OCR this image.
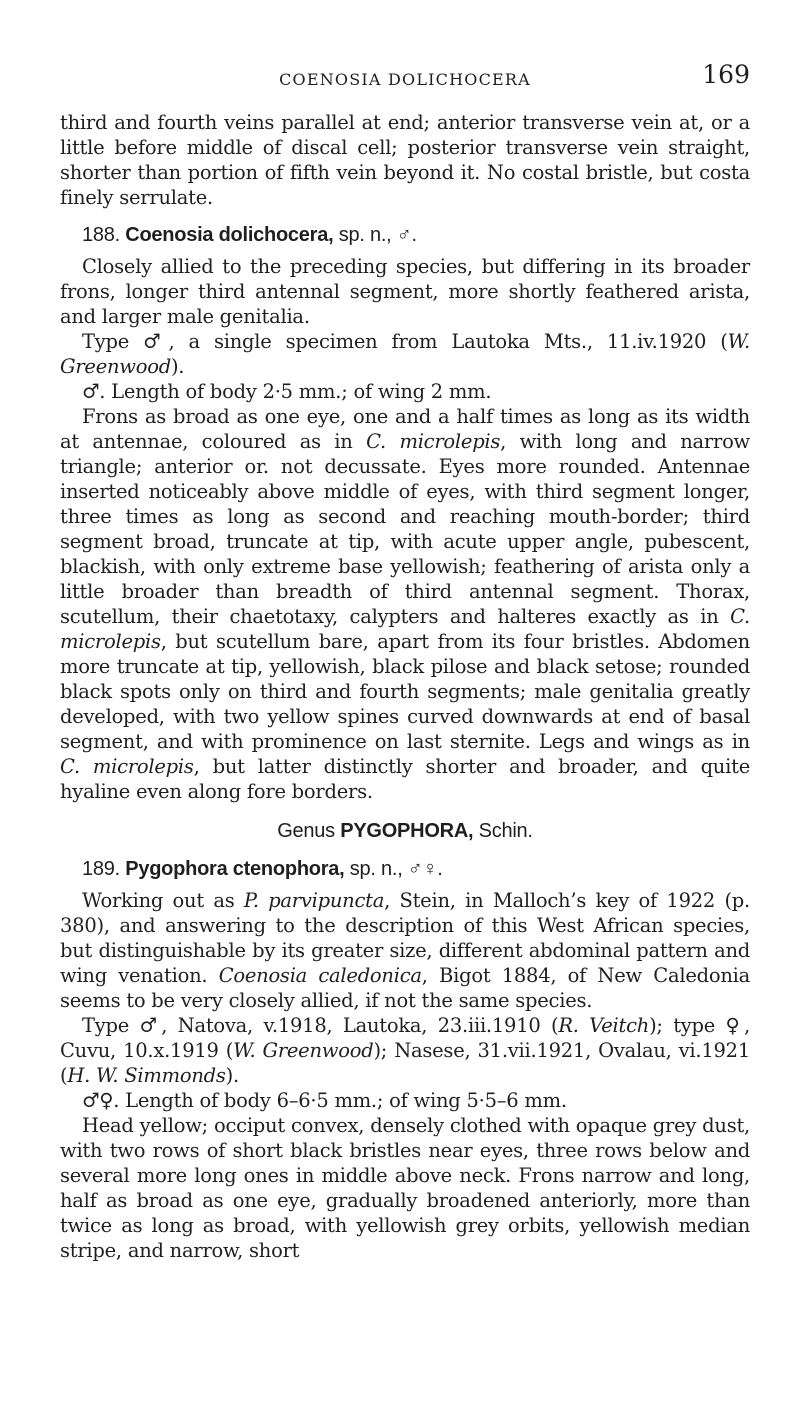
COENOSIA DOLICHOCERA	169

third and fourth veins parallel at end; anterior transverse vein at, or a little before middle of discal cell; posterior transverse vein straight, shorter than portion of fifth vein beyond it. No costal bristle, but costa finely serrulate.

188. Coenosia dolichocera, sp. n., ♂.

Closely allied to the preceding species, but differing in its broader frons, longer third antennal segment, more shortly feathered arista, and larger male genitalia.

Type ♂, a single specimen from Lautoka Mts., 11.iv.1920 (W. Greenwood).

♂. Length of body 2·5 mm.; of wing 2 mm.

Frons as broad as one eye, one and a half times as long as its width at antennae, coloured as in C. microlepis, with long and narrow triangle; anterior or. not decussate. Eyes more rounded. Antennae inserted noticeably above middle of eyes, with third segment longer, three times as long as second and reaching mouth-border; third segment broad, truncate at tip, with acute upper angle, pubescent, blackish, with only extreme base yellowish; feathering of arista only a little broader than breadth of third antennal segment. Thorax, scutellum, their chaetotaxy, calypters and halteres exactly as in C. microlepis, but scutellum bare, apart from its four bristles. Abdomen more truncate at tip, yellowish, black pilose and black setose; rounded black spots only on third and fourth segments; male genitalia greatly developed, with two yellow spines curved downwards at end of basal segment, and with prominence on last sternite. Legs and wings as in C. microlepis, but latter distinctly shorter and broader, and quite hyaline even along fore borders.

Genus PYGOPHORA, Schin.

189. Pygophora ctenophora, sp. n., ♂♀.

Working out as P. parvipuncta, Stein, in Malloch’s key of 1922 (p. 380), and answering to the description of this West African species, but distinguishable by its greater size, different abdominal pattern and wing venation. Coenosia caledonica, Bigot 1884, of New Caledonia seems to be very closely allied, if not the same species.

Type ♂, Natova, v.1918, Lautoka, 23.iii.1910 (R. Veitch); type ♀, Cuvu, 10.x.1919 (W. Greenwood); Nasese, 31.vii.1921, Ovalau, vi.1921 (H. W. Simmonds).

♂♀. Length of body 6–6·5 mm.; of wing 5·5–6 mm.

Head yellow; occiput convex, densely clothed with opaque grey dust, with two rows of short black bristles near eyes, three rows below and several more long ones in middle above neck. Frons narrow and long, half as broad as one eye, gradually broadened anteriorly, more than twice as long as broad, with yellowish grey orbits, yellowish median stripe, and narrow, short
